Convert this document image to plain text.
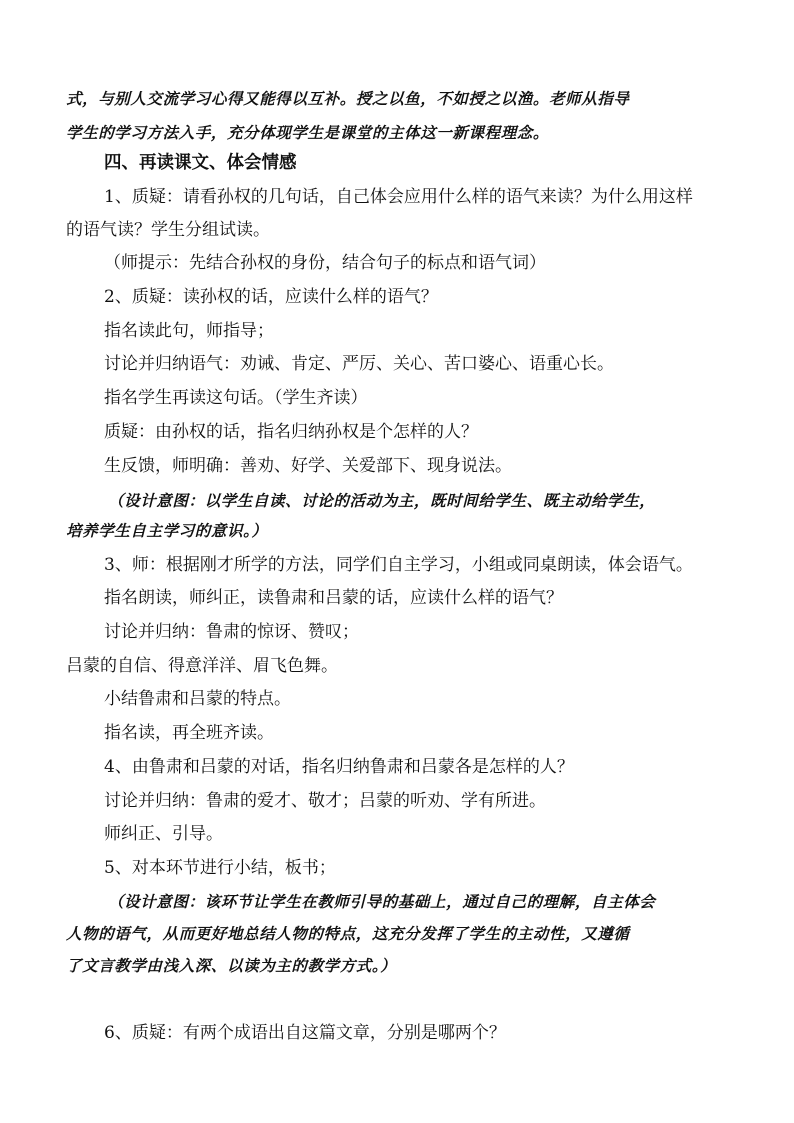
式，与别人交流学习心得又能得以互补。授之以鱼，不如授之以渔。老师从指导
学生的学习方法入手，充分体现学生是课堂的主体这一新课程理念。
四、再读课文、体会情感
1、质疑：请看孙权的几句话，自己体会应用什么样的语气来读？为什么用这样
的语气读？学生分组试读。
（师提示：先结合孙权的身份，结合句子的标点和语气词）
2、质疑：读孙权的话，应读什么样的语气？
指名读此句，师指导；
讨论并归纳语气：劝诫、肯定、严厉、关心、苦口婆心、语重心长。
指名学生再读这句话。（学生齐读）
质疑：由孙权的话，指名归纳孙权是个怎样的人？
生反馈，师明确：善劝、好学、关爱部下、现身说法。
（设计意图：以学生自读、讨论的活动为主，既时间给学生、既主动给学生，
培养学生自主学习的意识。）
3、师：根据刚才所学的方法，同学们自主学习，小组或同桌朗读，体会语气。
指名朗读，师纠正，读鲁肃和吕蒙的话，应读什么样的语气？
讨论并归纳：鲁肃的惊讶、赞叹；
吕蒙的自信、得意洋洋、眉飞色舞。
小结鲁肃和吕蒙的特点。
指名读，再全班齐读。
4、由鲁肃和吕蒙的对话，指名归纳鲁肃和吕蒙各是怎样的人？
讨论并归纳：鲁肃的爱才、敬才；吕蒙的听劝、学有所进。
师纠正、引导。
5、对本环节进行小结，板书；
（设计意图：该环节让学生在教师引导的基础上，通过自己的理解，自主体会
人物的语气，从而更好地总结人物的特点，这充分发挥了学生的主动性，又遵循
了文言教学由浅入深、以读为主的教学方式。）
6、质疑：有两个成语出自这篇文章，分别是哪两个？
